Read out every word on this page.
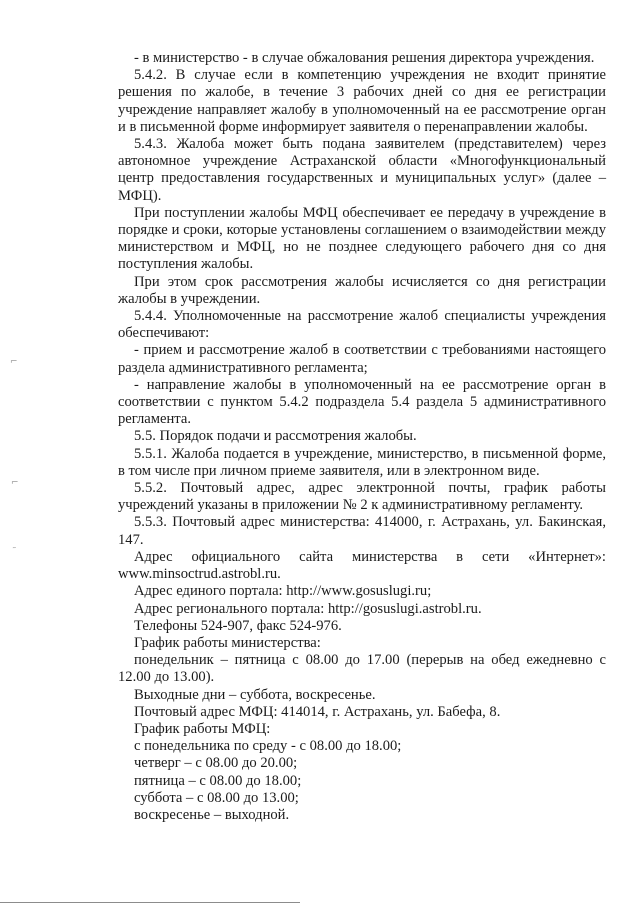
- в министерство - в случае обжалования решения директора учреждения.

5.4.2. В случае если в компетенцию учреждения не входит принятие решения по жалобе, в течение 3 рабочих дней со дня ее регистрации учреждение направляет жалобу в уполномоченный на ее рассмотрение орган и в письменной форме информирует заявителя о перенаправлении жалобы.

5.4.3. Жалоба может быть подана заявителем (представителем) через автономное учреждение Астраханской области «Многофункциональный центр предоставления государственных и муниципальных услуг» (далее – МФЦ).

При поступлении жалобы МФЦ обеспечивает ее передачу в учреждение в порядке и сроки, которые установлены соглашением о взаимодействии между министерством и МФЦ, но не позднее следующего рабочего дня со дня поступления жалобы.

При этом срок рассмотрения жалобы исчисляется со дня регистрации жалобы в учреждении.

5.4.4. Уполномоченные на рассмотрение жалоб специалисты учреждения обеспечивают:

- прием и рассмотрение жалоб в соответствии с требованиями настоящего раздела административного регламента;

- направление жалобы в уполномоченный на ее рассмотрение орган в соответствии с пунктом 5.4.2 подраздела 5.4 раздела 5 административного регламента.

5.5. Порядок подачи и рассмотрения жалобы.

5.5.1. Жалоба подается в учреждение, министерство, в письменной форме, в том числе при личном приеме заявителя, или в электронном виде.

5.5.2. Почтовый адрес, адрес электронной почты, график работы учреждений указаны в приложении № 2 к административному регламенту.

5.5.3. Почтовый адрес министерства: 414000, г. Астрахань, ул. Бакинская, 147.

Адрес официального сайта министерства в сети «Интернет»:

www.minsoctrud.astrobl.ru.

Адрес единого портала: http://www.gosuslugi.ru;

Адрес регионального портала: http://gosuslugi.astrobl.ru.

Телефоны 524-907, факс 524-976.

График работы министерства:

понедельник – пятница с 08.00 до 17.00 (перерыв на обед ежедневно с 12.00 до 13.00).

Выходные дни – суббота, воскресенье.

Почтовый адрес МФЦ: 414014, г. Астрахань, ул. Бабефа, 8.

График работы МФЦ:

с понедельника по среду - с 08.00 до 18.00;

четверг – с 08.00 до 20.00;

пятница – с 08.00 до 18.00;

суббота – с 08.00 до 13.00;

воскресенье – выходной.

⌐
⌐
˜
